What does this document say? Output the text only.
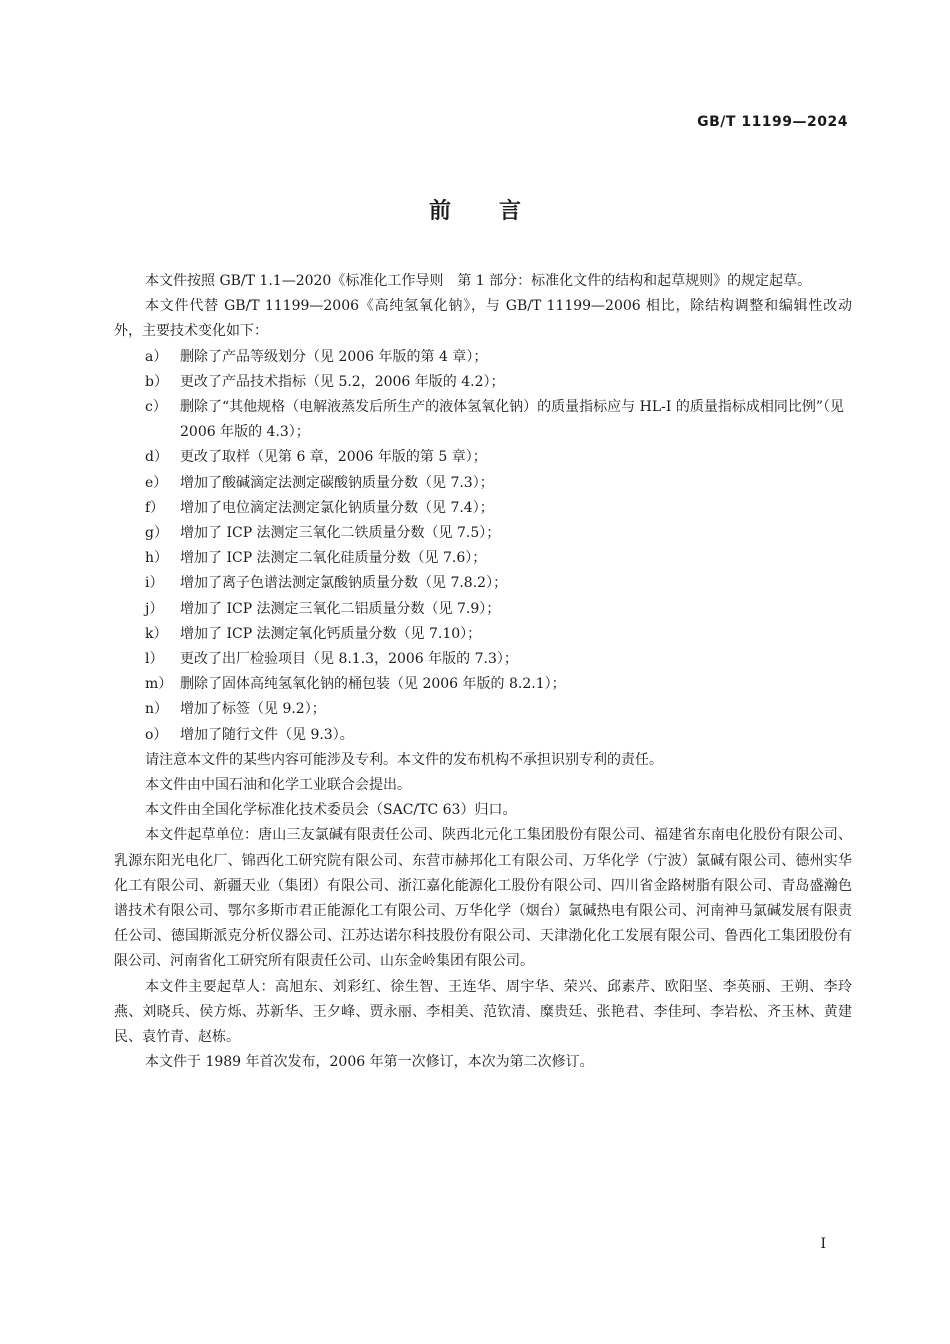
GB/T 11199—2024
前言

本文件按照 GB/T 1.1—2020《标准化工作导则　第 1 部分：标准化文件的结构和起草规则》的规定起草。

本文件代替 GB/T 11199—2006《高纯氢氧化钠》，与 GB/T 11199—2006 相比，除结构调整和编辑性改动外，主要技术变化如下：

a） 删除了产品等级划分（见 2006 年版的第 4 章）；

b） 更改了产品技术指标（见 5.2，2006 年版的 4.2）；

c） 删除了“其他规格（电解液蒸发后所生产的液体氢氧化钠）的质量指标应与 HL-I 的质量指标成相同比例”（见 2006 年版的 4.3）；

d） 更改了取样（见第 6 章，2006 年版的第 5 章）；

e） 增加了酸碱滴定法测定碳酸钠质量分数（见 7.3）；

f） 增加了电位滴定法测定氯化钠质量分数（见 7.4）；

g） 增加了 ICP 法测定三氧化二铁质量分数（见 7.5）；

h） 增加了 ICP 法测定二氧化硅质量分数（见 7.6）；

i） 增加了离子色谱法测定氯酸钠质量分数（见 7.8.2）；

j） 增加了 ICP 法测定三氧化二铝质量分数（见 7.9）；

k） 增加了 ICP 法测定氧化钙质量分数（见 7.10）；

l） 更改了出厂检验项目（见 8.1.3，2006 年版的 7.3）；

m） 删除了固体高纯氢氧化钠的桶包装（见 2006 年版的 8.2.1）；

n） 增加了标签（见 9.2）；

o） 增加了随行文件（见 9.3）。

请注意本文件的某些内容可能涉及专利。本文件的发布机构不承担识别专利的责任。

本文件由中国石油和化学工业联合会提出。

本文件由全国化学标准化技术委员会（SAC/TC 63）归口。

本文件起草单位：唐山三友氯碱有限责任公司、陕西北元化工集团股份有限公司、福建省东南电化股份有限公司、乳源东阳光电化厂、锦西化工研究院有限公司、东营市赫邦化工有限公司、万华化学（宁波）氯碱有限公司、德州实华化工有限公司、新疆天业（集团）有限公司、浙江嘉化能源化工股份有限公司、四川省金路树脂有限公司、青岛盛瀚色谱技术有限公司、鄂尔多斯市君正能源化工有限公司、万华化学（烟台）氯碱热电有限公司、河南神马氯碱发展有限责任公司、德国斯派克分析仪器公司、江苏达诺尔科技股份有限公司、天津渤化化工发展有限公司、鲁西化工集团股份有限公司、河南省化工研究所有限责任公司、山东金岭集团有限公司。

本文件主要起草人：高旭东、刘彩红、徐生智、王连华、周宇华、荣兴、邱素芹、欧阳坚、李英丽、王朔、李玲燕、刘晓兵、侯方烁、苏新华、王夕峰、贾永丽、李相美、范钦清、糜贵廷、张艳君、李佳珂、李岩松、齐玉林、黄建民、袁竹青、赵栋。

本文件于 1989 年首次发布，2006 年第一次修订，本次为第二次修订。

I
